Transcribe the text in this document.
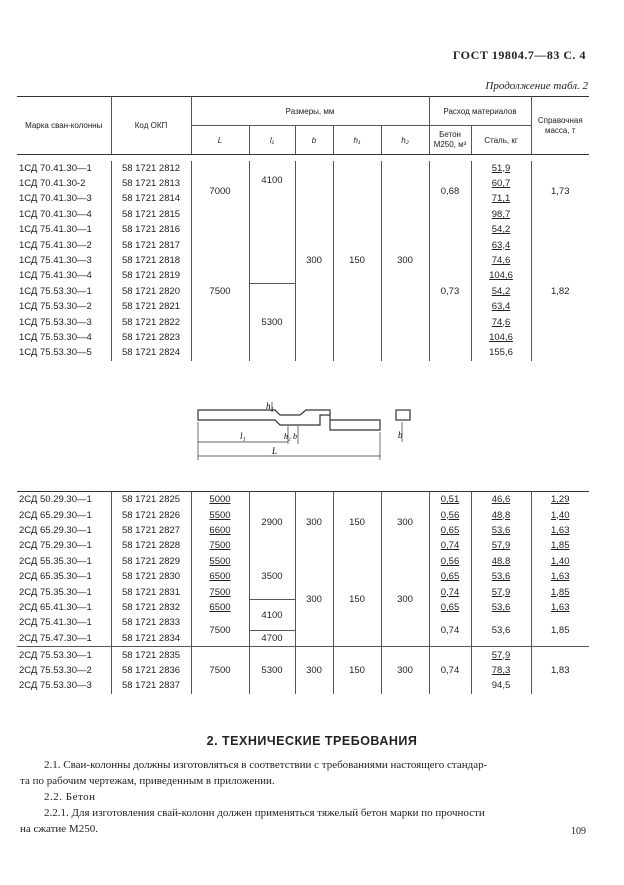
ГОСТ 19804.7—83 С. 4
Продолжение табл. 2
Марка сван-колонны	Код ОКП	Размеры, мм					Расход материалов		Справочная масса, т
		L	l₁	b	h₁	h₂	Бетон М250, м³	Сталь, кг	

1СД 70.41.30—1	58 1721 2812	7000	4100	300	150	300	0,68	51,9	1,73
1СД 70.41.30-2	58 1721 2813							60,7	
1СД 70.41.30—3	58 1721 2814							71,1	
1СД 70.41.30—4	58 1721 2815							98,7	
1СД 75.41.30—1	58 1721 2816	7500					0,73	54,2	1,82
1СД 75.41.30—2	58 1721 2817							63,4	
1СД 75.41.30—3	58 1721 2818							74,6	
1СД 75.41.30—4	58 1721 2819							104,6	
1СД 75.53.30—1	58 1721 2820		5300					54,2	
1СД 75.53.30—2	58 1721 2821							63,4	
1СД 75.53.30—3	58 1721 2822							74,6	
1СД 75.53.30—4	58 1721 2823							104,6	
1СД 75.53.30—5	58 1721 2824							155,6	
h₁
l₁	h₂ b
L
b
2СД 50.29.30—1	58 1721 2825	5000	2900	300	150	300	0,51	46,6	1,29
2СД 65.29.30—1	58 1721 2826	5500					0,56	48,8	1,40
2СД 65.29.30—1	58 1721 2827	6600					0,65	53,6	1,63
2СД 75.29.30—1	58 1721 2828	7500					0,74	57,9	1,85
2СД 55.35.30—1	58 1721 2829	5500	3500	300	150	300	0,56	48.8	1,40
2СД 65.35.30—1	58 1721 2830	6500					0,65	53,6	1,63
2СД 75.35.30—1	58 1721 2831	7500					0,74	57,9	1,85
2СД 65.41.30—1	58 1721 2832	6500	4100				0,65	53,6	1,63
2СД 75.41.30—1	58 1721 2833	7500					0,74	53,6	1,85
2СД 75.47.30—1	58 1721 2834		4700						
2СД 75.53.30—1	58 1721 2835	7500	5300	300	150	300	0,74	57,9	1,83
2СД 75.53.30—2	58 1721 2836							78,3	
2СД 75.53.30—3	58 1721 2837							94,5	
2. ТЕХНИЧЕСКИЕ ТРЕБОВАНИЯ
2.1. Сваи-колонны должны изготовляться в соответствии с требованиями настоящего стандар-
та по рабочим чертежам, приведенным в приложении.
2.2. Бетон
2.2.1. Для изготовления свай-колонн должен применяться тяжелый бетон марки по прочности
на сжатие М250.	109
